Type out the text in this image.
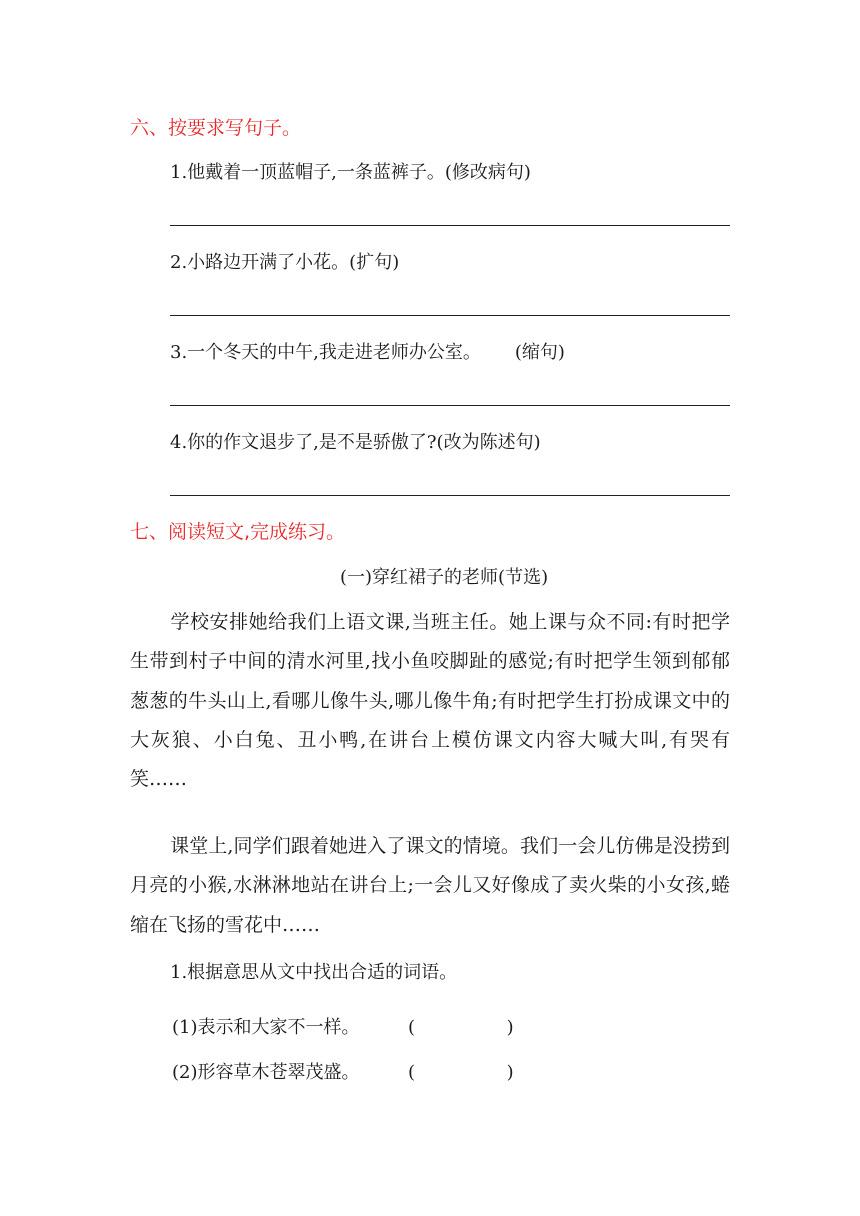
六、按要求写句子。
1.他戴着一顶蓝帽子,一条蓝裤子。(修改病句)
2.小路边开满了小花。(扩句)
3.一个冬天的中午,我走进老师办公室。 (缩句)
4.你的作文退步了,是不是骄傲了?(改为陈述句)
七、阅读短文,完成练习。
(一)穿红裙子的老师(节选)

学校安排她给我们上语文课,当班主任。她上课与众不同:有时把学生带到村子中间的清水河里,找小鱼咬脚趾的感觉;有时把学生领到郁郁葱葱的牛头山上,看哪儿像牛头,哪儿像牛角;有时把学生打扮成课文中的大灰狼、小白兔、丑小鸭,在讲台上模仿课文内容大喊大叫,有哭有笑……

课堂上,同学们跟着她进入了课文的情境。我们一会儿仿佛是没捞到月亮的小猴,水淋淋地站在讲台上;一会儿又好像成了卖火柴的小女孩,蜷缩在飞扬的雪花中……

1.根据意思从文中找出合适的词语。
(1)表示和大家不一样。	(                )
(2)形容草木苍翠茂盛。	(                )
